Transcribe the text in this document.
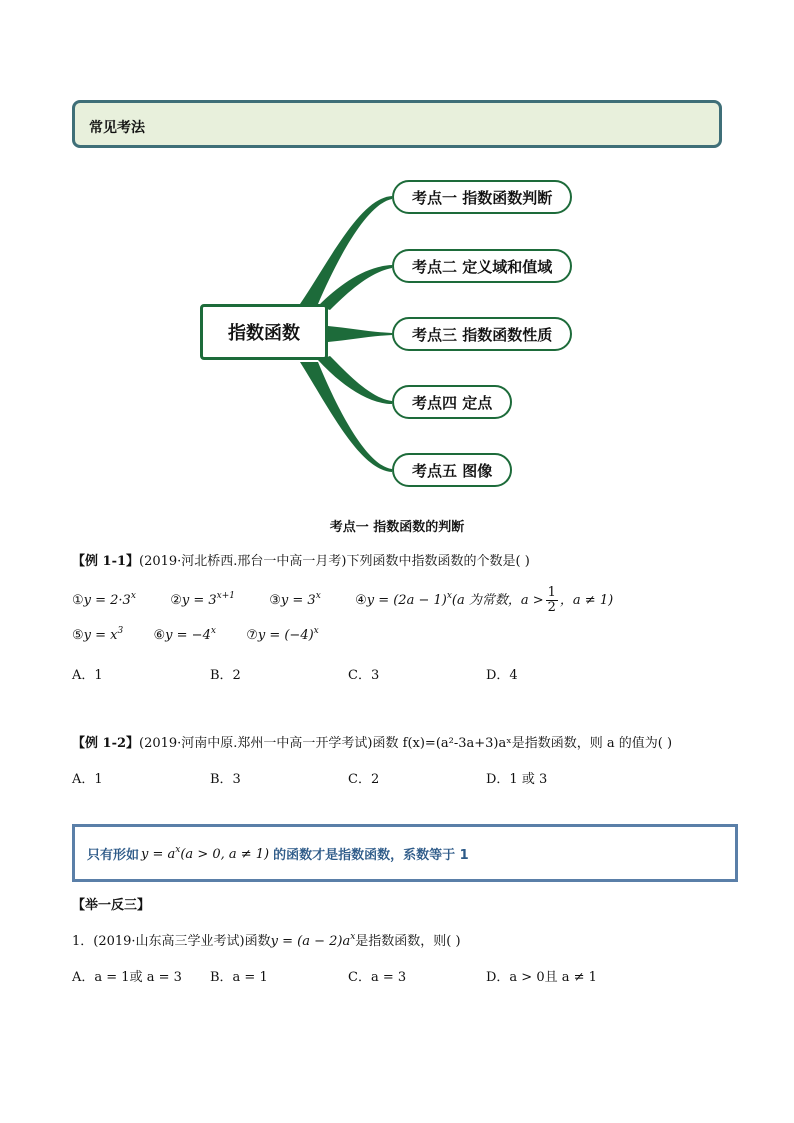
常见考法
指数函数
考点一 指数函数判断
考点二 定义域和值域
考点三 指数函数性质
考点四 定点
考点五 图像
考点一 指数函数的判断
【例 1-1】(2019·河北桥西.邢台一中高一月考)下列函数中指数函数的个数是( )
①y = $2\cdot 3^x$	②y = $3^{x+1}$	③y = $3^x$	④y = $(2a - 1)^x(a$ 为常数，$a > \frac{1}{2}$ ，a ≠ 1)
⑤y = $x^3$ ⑥y = $-4^x$ ⑦y = $(-4)^x$
A．1	B．2	C．3	D．4
【例 1-2】(2019·河南中原.郑州一中高一开学考试)函数 f(x)=(a²-3a+3)aˣ是指数函数，则 a 的值为( )
A．1	B．3	C．2	D．1 或 3
只有形如 $y = a^x(a > 0$, a ≠ 1) 的函数才是指数函数，系数等于 1
【举一反三】
1．(2019·山东高三学业考试)函数$y = (a - 2)a^x$是指数函数，则( )
A．a = 1或 a = 3 B．a = 1	C．a = 3	D．a > 0且 a ≠ 1
